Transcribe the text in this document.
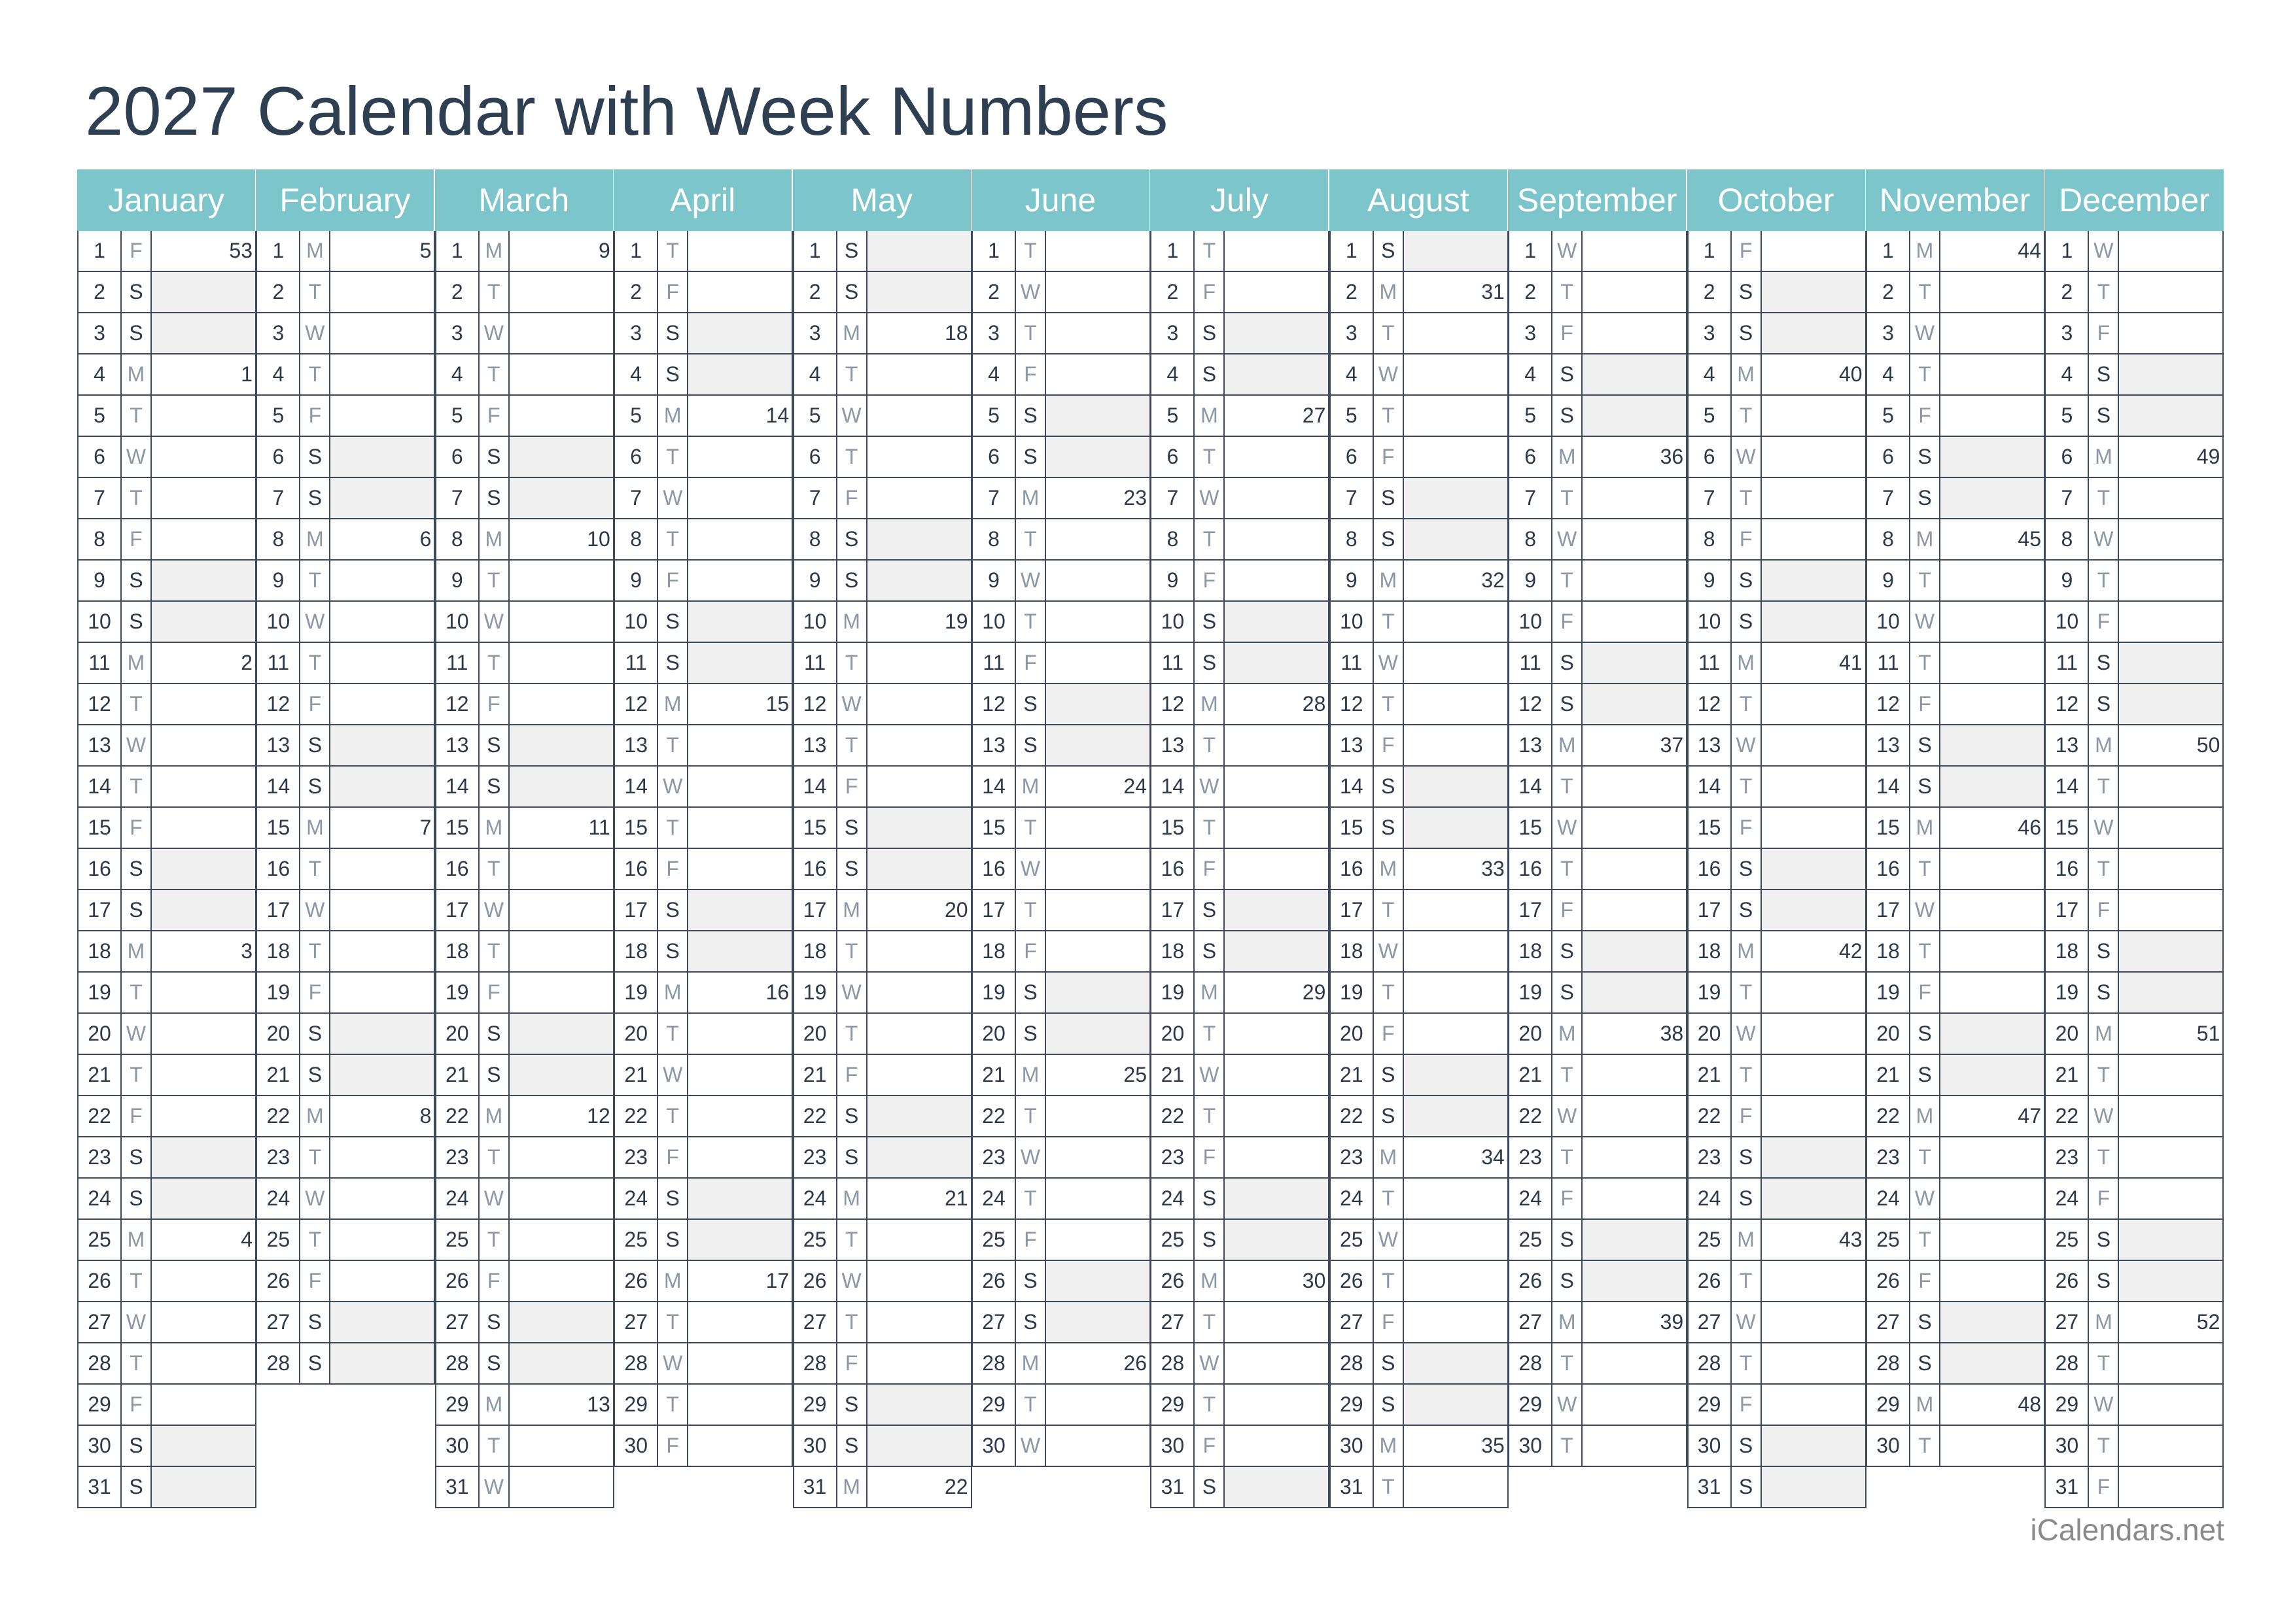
2027 Calendar with Week Numbers
January
1	F	53
2	S
3	S
4	M	1
5	T
6	W
7	T
8	F
9	S
10 S
11 M	2
12 T
13 W
14 T
15 F
16 S
17 S
18 M	3
19 T
20 W
21 T
22 F
23 S
24 S
25 M	4
26 T
27 W
28 T
29 F
30 S
31 S
February
1	M	5
2	T
3	W
4	T
5	F
6	S
7	S
8	M	6
9	T
10 W
11 T
12 F
13 S
14 S
15 M	7
16 T
17 W
18 T
19 F
20 S
21 S
22 M	8
23 T
24 W
25 T
26 F
27 S
28 S
March
1	M	9
2	T
3	W
4	T
5	F
6	S
7	S
8	M	10
9	T
10 W
11 T
12 F
13 S
14 S
15 M	11
16 T
17 W
18 T
19 F
20 S
21 S
22 M	12
23 T
24 W
25 T
26 F
27 S
28 S
29 M	13
30 T
31 W
April
1	T
2	F
3	S
4	S
5	M	14
6	T
7	W
8	T
9	F
10 S
11 S
12 M	15
13 T
14 W
15 T
16 F
17 S
18 S
19 M	16
20 T
21 W
22 T
23 F
24 S
25 S
26 M	17
27 T
28 W
29 T
30 F
May
1	S
2	S
3	M	18
4	T
5	W
6	T
7	F
8	S
9	S
10 M	19
11 T
12 W
13 T
14 F
15 S
16 S
17 M	20
18 T
19 W
20 T
21 F
22 S
23 S
24 M	21
25 T
26 W
27 T
28 F
29 S
30 S
31 M	22
June
1	T
2	W
3	T
4	F
5	S
6	S
7	M	23
8	T
9	W
10 T
11 F
12 S
13 S
14 M	24
15 T
16 W
17 T
18 F
19 S
20 S
21 M	25
22 T
23 W
24 T
25 F
26 S
27 S
28 M	26
29 T
30 W
July
1	T
2	F
3	S
4	S
5	M	27
6	T
7	W
8	T
9	F
10 S
11 S
12 M	28
13 T
14 W
15 T
16 F
17 S
18 S
19 M	29
20 T
21 W
22 T
23 F
24 S
25 S
26 M	30
27 T
28 W
29 T
30 F
31 S
August
1	S
2	M	31
3	T
4	W
5	T
6	F
7	S
8	S
9	M	32
10 T
11 W
12 T
13 F
14 S
15 S
16 M	33
17 T
18 W
19 T
20 F
21 S
22 S
23 M	34
24 T
25 W
26 T
27 F
28 S
29 S
30 M	35
31 T
September
1	W
2	T
3	F
4	S
5	S
6	M	36
7	T
8	W
9	T
10 F
11 S
12 S
13 M	37
14 T
15 W
16 T
17 F
18 S
19 S
20 M	38
21 T
22 W
23 T
24 F
25 S
26 S
27 M	39
28 T
29 W
30 T
October
1	F
2	S
3	S
4	M	40
5	T
6	W
7	T
8	F
9	S
10 S
11 M	41
12 T
13 W
14 T
15 F
16 S
17 S
18 M	42
19 T
20 W
21 T
22 F
23 S
24 S
25 M	43
26 T
27 W
28 T
29 F
30 S
31 S
November
1	M	44
2	T
3	W
4	T
5	F
6	S
7	S
8	M	45
9	T
10 W
11 T
12 F
13 S
14 S
15 M	46
16 T
17 W
18 T
19 F
20 S
21 S
22 M	47
23 T
24 W
25 T
26 F
27 S
28 S
29 M	48
30 T
December
1	W
2	T
3	F
4	S
5	S
6	M	49
7	T
8	W
9	T
10 F
11 S
12 S
13 M	50
14 T
15 W
16 T
17 F
18 S
19 S
20 M	51
21 T
22 W
23 T
24 F
25 S
26 S
27 M	52
28 T
29 W
30 T
31 F
iCalendars.net
